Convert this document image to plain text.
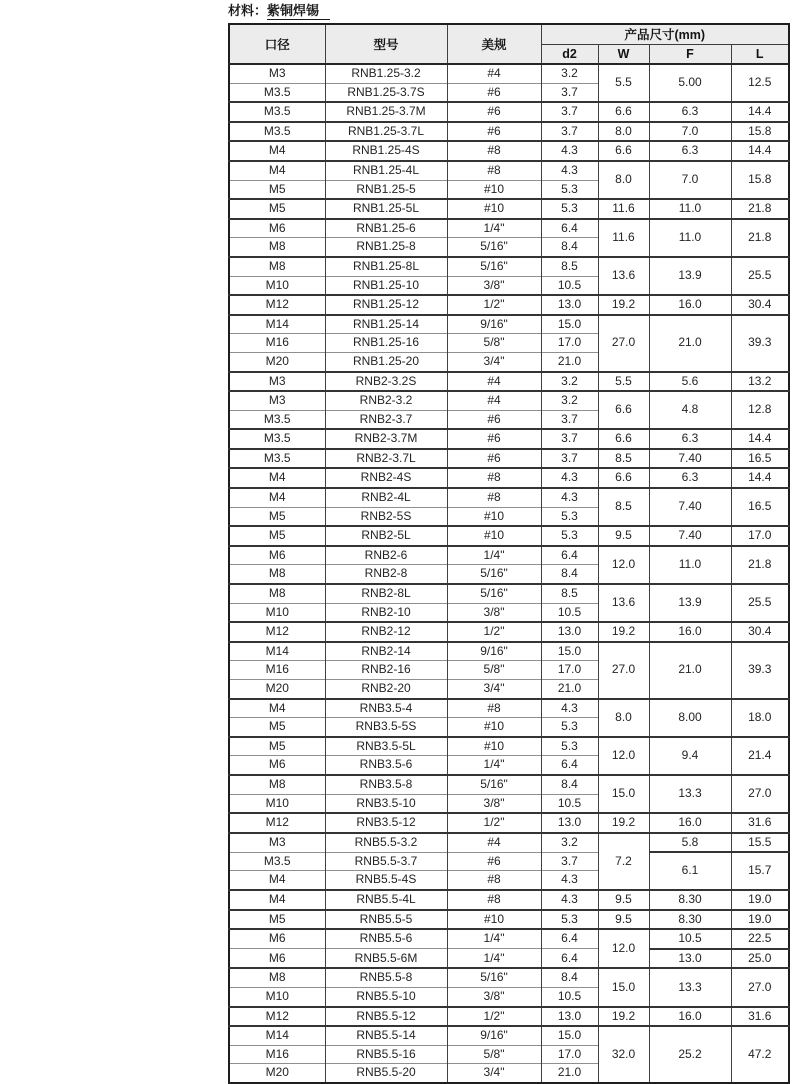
材料：紫铜焊锡
口径	型号	美规	产品尺寸(mm)			
			d2	W	F	L
M3	RNB1.25-3.2	#4	3.2	5.5	5.00	12.5
M3.5	RNB1.25-3.7S	#6	3.7			
M3.5	RNB1.25-3.7M	#6	3.7	6.6	6.3	14.4
M3.5	RNB1.25-3.7L	#6	3.7	8.0	7.0	15.8
M4	RNB1.25-4S	#8	4.3	6.6	6.3	14.4
M4	RNB1.25-4L	#8	4.3	8.0	7.0	15.8
M5	RNB1.25-5	#10	5.3			
M5	RNB1.25-5L	#10	5.3	11.6	11.0	21.8
M6	RNB1.25-6	1/4"	6.4	11.6	11.0	21.8
M8	RNB1.25-8	5/16"	8.4			
M8	RNB1.25-8L	5/16"	8.5	13.6	13.9	25.5
M10	RNB1.25-10	3/8"	10.5			
M12	RNB1.25-12	1/2"	13.0	19.2	16.0	30.4
M14	RNB1.25-14	9/16"	15.0	27.0	21.0	39.3
M16	RNB1.25-16	5/8"	17.0			
M20	RNB1.25-20	3/4"	21.0			
M3	RNB2-3.2S	#4	3.2	5.5	5.6	13.2
M3	RNB2-3.2	#4	3.2	6.6	4.8	12.8
M3.5	RNB2-3.7	#6	3.7			
M3.5	RNB2-3.7M	#6	3.7	6.6	6.3	14.4
M3.5	RNB2-3.7L	#6	3.7	8.5	7.40	16.5
M4	RNB2-4S	#8	4.3	6.6	6.3	14.4
M4	RNB2-4L	#8	4.3	8.5	7.40	16.5
M5	RNB2-5S	#10	5.3			
M5	RNB2-5L	#10	5.3	9.5	7.40	17.0
M6	RNB2-6	1/4"	6.4	12.0	11.0	21.8
M8	RNB2-8	5/16"	8.4			
M8	RNB2-8L	5/16"	8.5	13.6	13.9	25.5
M10	RNB2-10	3/8"	10.5			
M12	RNB2-12	1/2"	13.0	19.2	16.0	30.4
M14	RNB2-14	9/16"	15.0	27.0	21.0	39.3
M16	RNB2-16	5/8"	17.0			
M20	RNB2-20	3/4"	21.0			
M4	RNB3.5-4	#8	4.3	8.0	8.00	18.0
M5	RNB3.5-5S	#10	5.3			
M5	RNB3.5-5L	#10	5.3	12.0	9.4	21.4
M6	RNB3.5-6	1/4"	6.4			
M8	RNB3.5-8	5/16"	8.4	15.0	13.3	27.0
M10	RNB3.5-10	3/8"	10.5			
M12	RNB3.5-12	1/2"	13.0	19.2	16.0	31.6
M3	RNB5.5-3.2	#4	3.2	7.2	5.8	15.5
M3.5	RNB5.5-3.7	#6	3.7		6.1	15.7
M4	RNB5.5-4S	#8	4.3			
M4	RNB5.5-4L	#8	4.3	9.5	8.30	19.0
M5	RNB5.5-5	#10	5.3	9.5	8.30	19.0
M6	RNB5.5-6	1/4"	6.4	12.0	10.5	22.5
M6	RNB5.5-6M	1/4"	6.4		13.0	25.0
M8	RNB5.5-8	5/16"	8.4	15.0	13.3	27.0
M10	RNB5.5-10	3/8"	10.5			
M12	RNB5.5-12	1/2"	13.0	19.2	16.0	31.6
M14	RNB5.5-14	9/16"	15.0	32.0	25.2	47.2
M16	RNB5.5-16	5/8"	17.0			
M20	RNB5.5-20	3/4"	21.0			
